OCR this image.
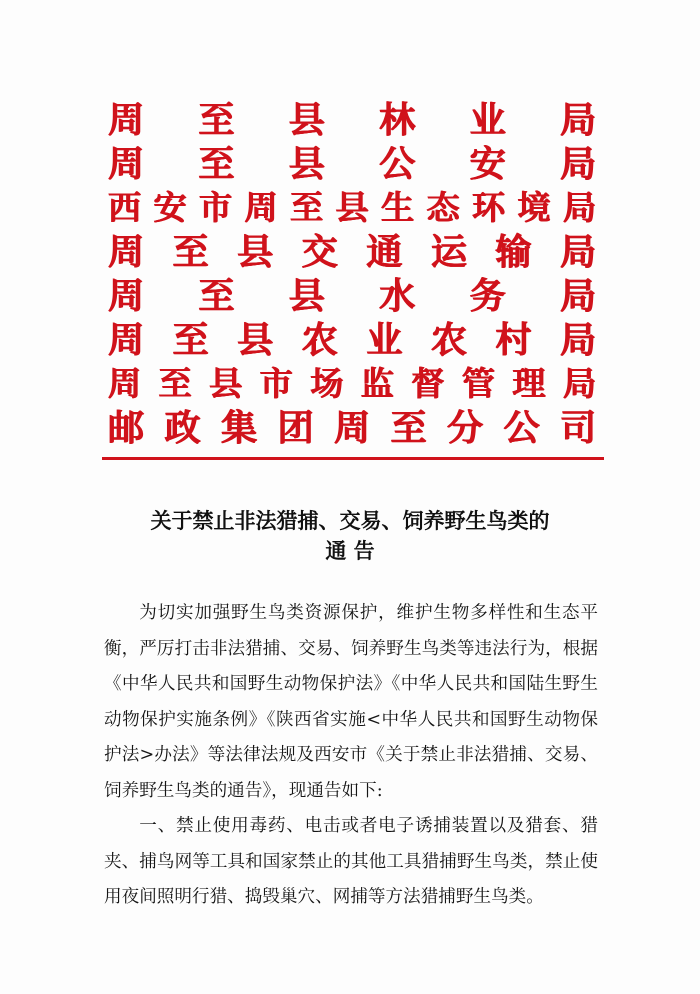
周至县林业局
周至县公安局
西安市周至县生态环境局
周至县交通运输局
周至县水务局
周至县农业农村局
周至县市场监督管理局
邮政集团周至分公司
关于禁止非法猎捕、交易、饲养野生鸟类的
通 告

为切实加强野生鸟类资源保护，维护生物多样性和生态平衡，严厉打击非法猎捕、交易、饲养野生鸟类等违法行为，根据《中华人民共和国野生动物保护法》《中华人民共和国陆生野生动物保护实施条例》《陕西省实施<中华人民共和国野生动物保护法>办法》等法律法规及西安市《关于禁止非法猎捕、交易、饲养野生鸟类的通告》，现通告如下:

一、禁止使用毒药、电击或者电子诱捕装置以及猎套、猎夹、捕鸟网等工具和国家禁止的其他工具猎捕野生鸟类，禁止使用夜间照明行猎、捣毁巢穴、网捕等方法猎捕野生鸟类。
